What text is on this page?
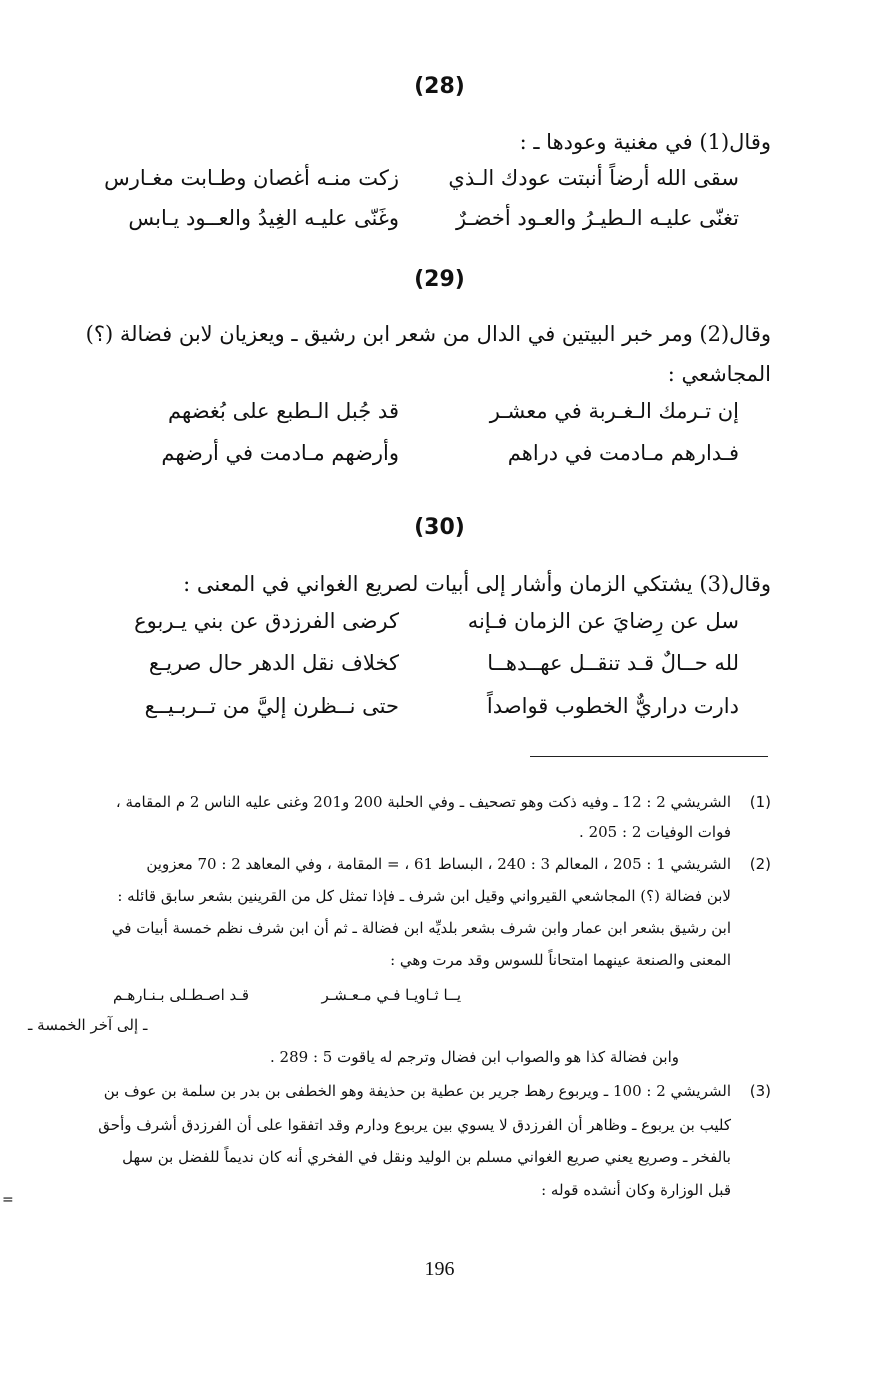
(28)
وقال(1) في مغنية وعودها ـ :
سقى الله أرضاً أنبتت عودك الـذي
زكت منـه أغصان وطـابت مغـارس
تغنّى عليـه الـطيـرُ والعـود أخضـرٌ
وغَنّى عليـه الغِيدُ والعــود يـابس
(29)
وقال(2) ومر خبر البيتين في الدال من شعر ابن رشيق ـ ويعزيان لابن فضالة (؟) المجاشعي :
إن تـرمك الـغـربة في معشـر
قد جُبل الـطبع على بُغضهم
فـدارهم مـادمت في دراهم
وأرضهم مـادمت في أرضهم
(30)
وقال(3) يشتكي الزمان وأشار إلى أبيات لصريع الغواني في المعنى :
سل عن رِضايَ عن الزمان فـإنه
كرضى الفرزدق عن بني يـربوع
لله حــالٌ قـد تنقــل عهــدهــا
كخلاف نقل الدهر حال صريـع
دارت دراريٌّ الخطوب قواصداً
حتى نــظرن إليَّ من تــربـيــع
(1)
الشريشي 2 : 12 ـ وفيه ذكت وهو تصحيف ـ وفي الحلبة 200 و201 وغنى عليه الناس 2 م المقامة ،
فوات الوفيات 2 : 205 .
(2)
الشريشي 1 : 205 ، المعالم 3 : 240 ، البساط 61 ، = المقامة ، وفي المعاهد 2 : 70 معزوين
لابن فضالة (؟) المجاشعي القيرواني وقيل ابن شرف ـ فإذا تمثل كل من القرينين بشعر سابق قائله :
ابن رشيق بشعر ابن عمار وابن شرف بشعر بلديِّه ابن فضالة ـ ثم أن ابن شرف نظم خمسة أبيات في
المعنى والصنعة عينهما امتحاناً للسوس وقد مرت وهي :
يــا ثـاويـا فـي مـعـشـر
قـد اصـطـلى بـنـارهـم
ـ إلى آخر الخمسة ـ
وابن فضالة كذا هو والصواب ابن فضال وترجم له ياقوت 5 : 289 .
(3)
الشريشي 2 : 100 ـ ويربوع رهط جرير بن عطية بن حذيفة وهو الخطفى بن بدر بن سلمة بن عوف بن
كليب بن يربوع ـ وظاهر أن الفرزدق لا يسوي بين يربوع ودارم وقد اتفقوا على أن الفرزدق أشرف وأحق
بالفخر ـ وصريع يعني صريع الغواني مسلم بن الوليد ونقل في الفخري أنه كان نديماً للفضل بن سهل
قبل الوزارة وكان أنشده قوله :
196
=
